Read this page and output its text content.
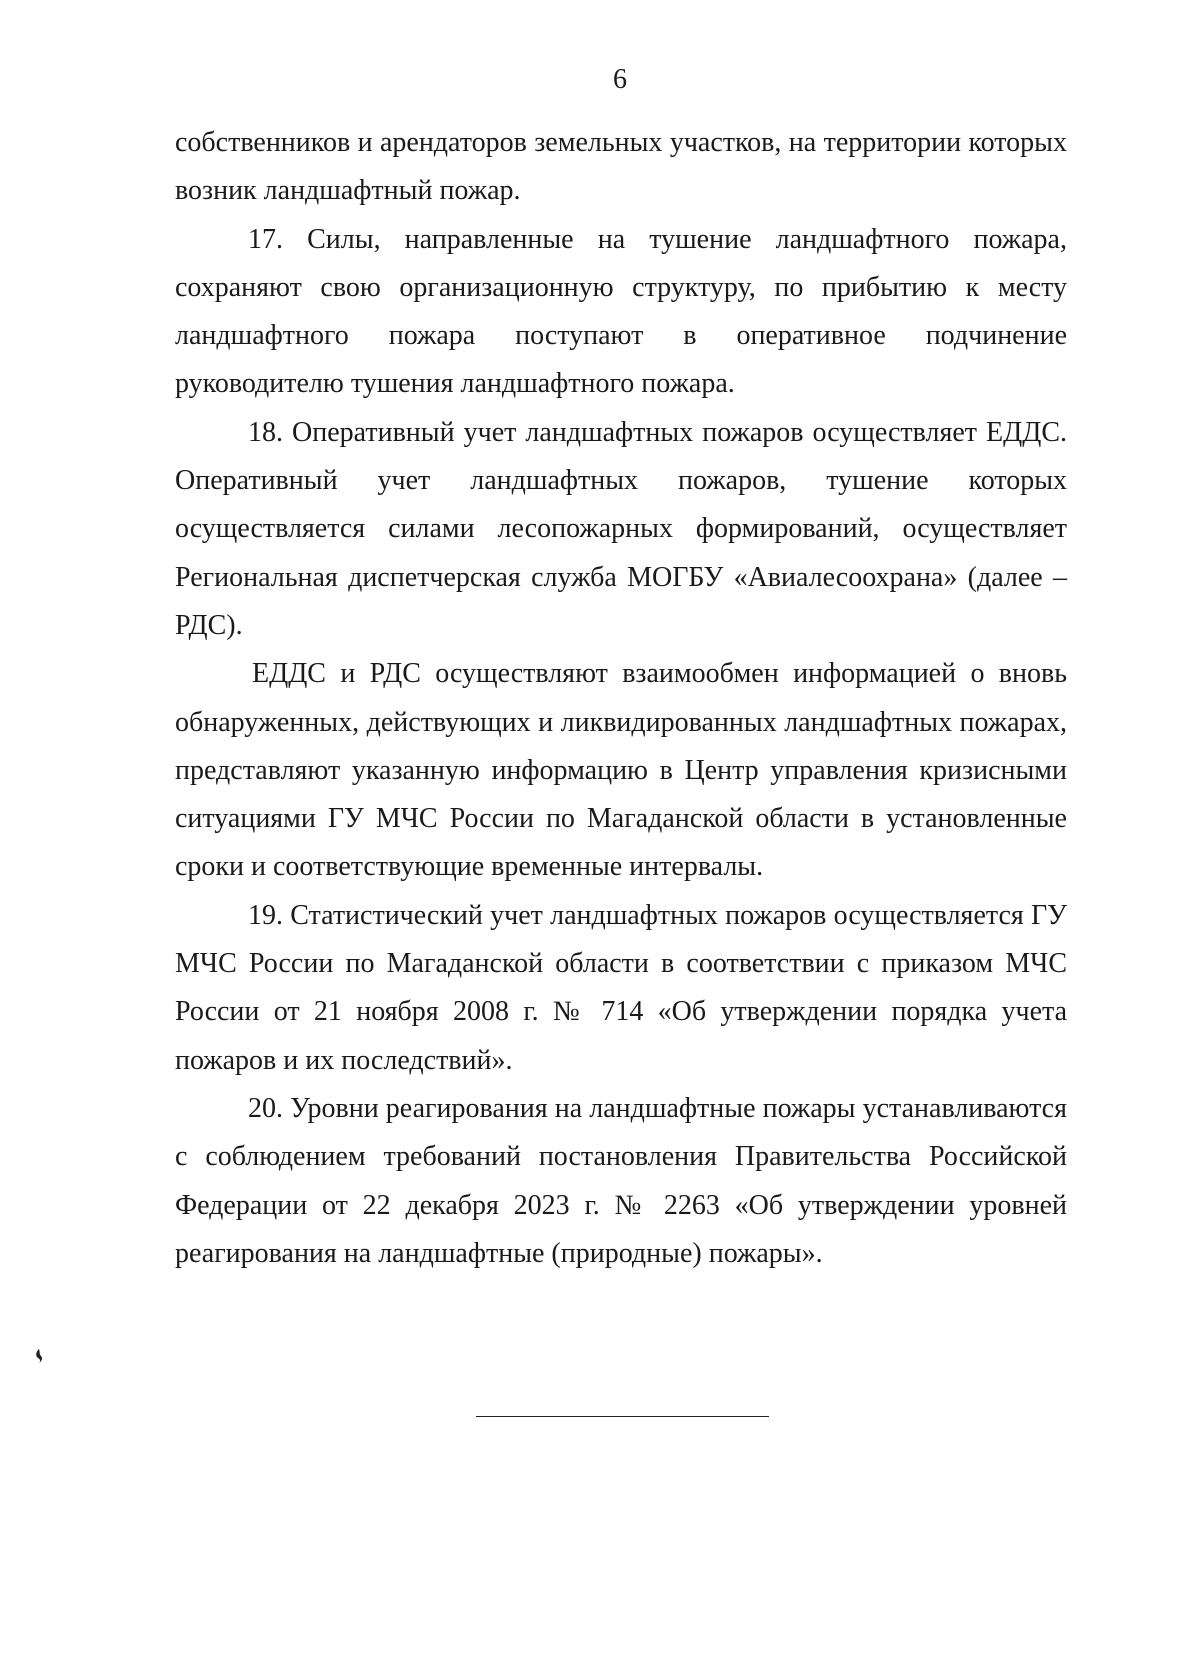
6

собственников и арендаторов земельных участков, на территории которых возник ландшафтный пожар.

17. Силы, направленные на тушение ландшафтного пожара, сохраняют свою организационную структуру, по прибытию к месту ландшафтного пожара поступают в оперативное подчинение руководителю тушения ландшафтного пожара.

18. Оперативный учет ландшафтных пожаров осуществляет ЕДДС. Оперативный учет ландшафтных пожаров, тушение которых осуществляется силами лесопожарных формирований, осуществляет Региональная диспетчерская служба МОГБУ «Авиалесоохрана» (далее – РДС).

ЕДДС и РДС осуществляют взаимообмен информацией о вновь обнаруженных, действующих и ликвидированных ландшафтных пожарах, представляют указанную информацию в Центр управления кризисными ситуациями ГУ МЧС России по Магаданской области в установленные сроки и соответствующие временные интервалы.

19. Статистический учет ландшафтных пожаров осуществляется ГУ МЧС России по Магаданской области в соответствии с приказом МЧС России от 21 ноября 2008 г. № 714 «Об утверждении порядка учета пожаров и их последствий».

20. Уровни реагирования на ландшафтные пожары устанавливаются с соблюдением требований постановления Правительства Российской Федерации от 22 декабря 2023 г. № 2263 «Об утверждении уровней реагирования на ландшафтные (природные) пожары».
